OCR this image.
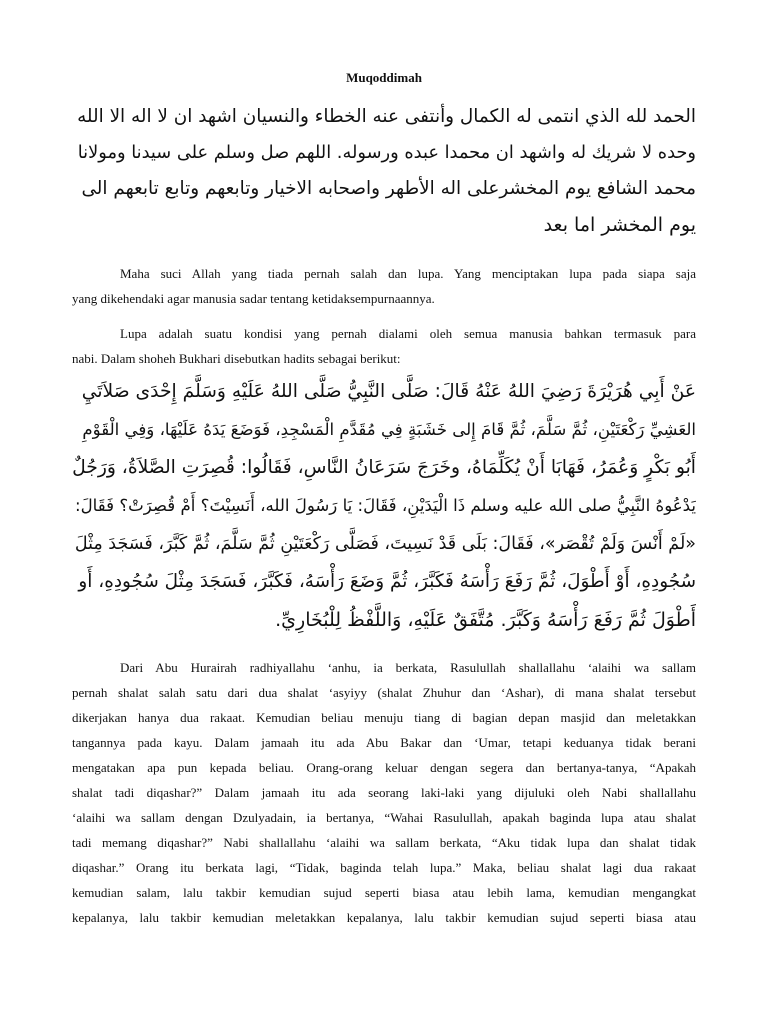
Muqoddimah
الحمد لله الذي انتمى له الكمال وأنتفى عنه الخطاء والنسيان اشهد ان لا اله الا الله
وحده لا شريك له واشهد ان محمدا عبده ورسوله. اللهم صل وسلم على سيدنا ومولانا
محمد الشافع يوم المخشرعلى اله الأطهر واصحابه الاخيار وتابعهم وتابع تابعهم الى
يوم المخشر اما بعد
Maha suci Allah yang tiada pernah salah dan lupa. Yang menciptakan lupa pada siapa saja
yang dikehendaki agar manusia sadar tentang ketidaksempurnaannya.
Lupa adalah suatu kondisi yang pernah dialami oleh semua manusia bahkan termasuk para
nabi. Dalam shoheh Bukhari disebutkan hadits sebagai berikut:
عَنْ أَبِي هُرَيْرَةَ رَضِيَ اللهُ عَنْهُ قَالَ: صَلَّى النَّبِيُّ صَلَّى اللهُ عَلَيْهِ وَسَلَّمَ إِحْدَى صَلاَتَيِ
العَشِيِّ رَكْعَتَيْنِ، ثُمَّ سَلَّمَ، ثُمَّ قَامَ إِلى خَشَبَةٍ فِي مُقَدَّمِ الْمَسْجِدِ، فَوَضَعَ يَدَهُ عَلَيْهَا، وَفِي الْقَوْمِ
أَبُو بَكْرٍ وَعُمَرُ، فَهَابَا أَنْ يُكَلِّمَاهُ، وخَرَجَ سَرَعَانُ النَّاسِ، فَقَالُوا: قُصِرَتِ الصَّلاَةُ، وَرَجُلٌ
يَدْعُوهُ النَّبِيُّ صلى الله عليه وسلم ذَا الْيَدَيْنِ، فَقَالَ: يَا رَسُولَ الله، أَنَسِيْتَ؟ أَمْ قُصِرَتْ؟ فَقَالَ:
«لَمْ أَنْسَ وَلَمْ تُقْصَر»، فَقَالَ: بَلَى قَدْ نَسِيتَ، فَصَلَّى رَكْعَتَيْنِ ثُمَّ سَلَّمَ، ثُمَّ كَبَّرَ، فَسَجَدَ مِثْلَ
سُجُودِهِ، أَوْ أَطْوَلَ، ثُمَّ رَفَعَ رَأْسَهُ فَكَبَّرَ، ثُمَّ وَضَعَ رَأْسَهُ، فَكَبَّرَ، فَسَجَدَ مِثْلَ سُجُودِهِ، أَو
أَطْوَلَ ثُمَّ رَفَعَ رَأْسَهُ وَكَبَّرَ. مُتَّفَقٌ عَلَيْهِ، وَاللَّفْظُ لِلْبُخَارِيِّ.
Dari Abu Hurairah radhiyallahu ‘anhu, ia berkata, Rasulullah shallallahu ‘alaihi wa sallam
pernah shalat salah satu dari dua shalat ‘asyiyy (shalat Zhuhur dan ‘Ashar), di mana shalat tersebut
dikerjakan hanya dua rakaat. Kemudian beliau menuju tiang di bagian depan masjid dan meletakkan
tangannya pada kayu. Dalam jamaah itu ada Abu Bakar dan ‘Umar, tetapi keduanya tidak berani
mengatakan apa pun kepada beliau. Orang-orang keluar dengan segera dan bertanya-tanya, “Apakah
shalat tadi diqashar?” Dalam jamaah itu ada seorang laki-laki yang dijuluki oleh Nabi shallallahu
‘alaihi wa sallam dengan Dzulyadain, ia bertanya, “Wahai Rasulullah, apakah baginda lupa atau shalat
tadi memang diqashar?” Nabi shallallahu ‘alaihi wa sallam berkata, “Aku tidak lupa dan shalat tidak
diqashar.” Orang itu berkata lagi, “Tidak, baginda telah lupa.” Maka, beliau shalat lagi dua rakaat
kemudian salam, lalu takbir kemudian sujud seperti biasa atau lebih lama, kemudian mengangkat
kepalanya, lalu takbir kemudian meletakkan kepalanya, lalu takbir kemudian sujud seperti biasa atau
